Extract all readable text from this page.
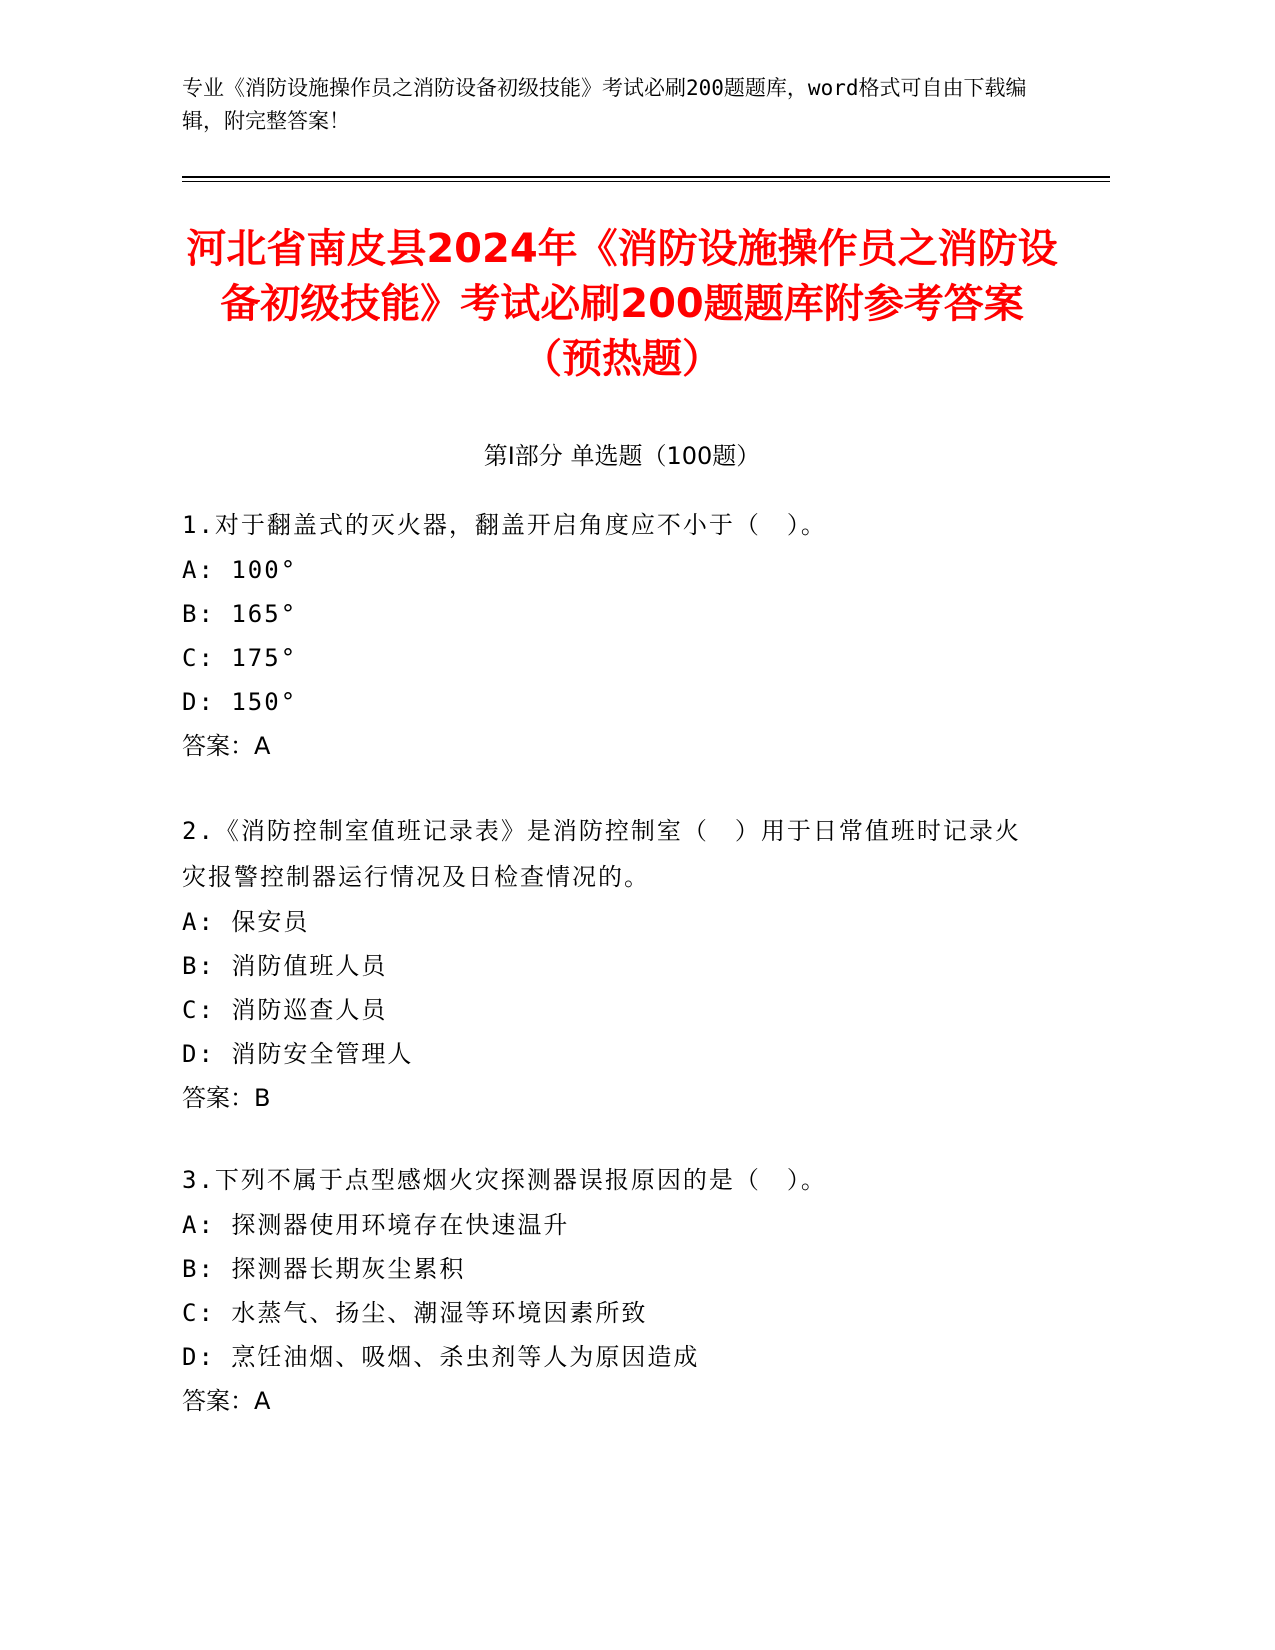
专业《消防设施操作员之消防设备初级技能》考试必刷200题题库，word格式可自由下载编辑，附完整答案！
河北省南皮县2024年《消防设施操作员之消防设备初级技能》考试必刷200题题库附参考答案（预热题）
第I部分 单选题（100题）
1.对于翻盖式的灭火器，翻盖开启角度应不小于（　）。
A: 100°
B: 165°
C: 175°
D: 150°
答案：A
2.《消防控制室值班记录表》是消防控制室（　）用于日常值班时记录火灾报警控制器运行情况及日检查情况的。
A: 保安员
B: 消防值班人员
C: 消防巡查人员
D: 消防安全管理人
答案：B
3.下列不属于点型感烟火灾探测器误报原因的是（　）。
A: 探测器使用环境存在快速温升
B: 探测器长期灰尘累积
C: 水蒸气、扬尘、潮湿等环境因素所致
D: 烹饪油烟、吸烟、杀虫剂等人为原因造成
答案：A
